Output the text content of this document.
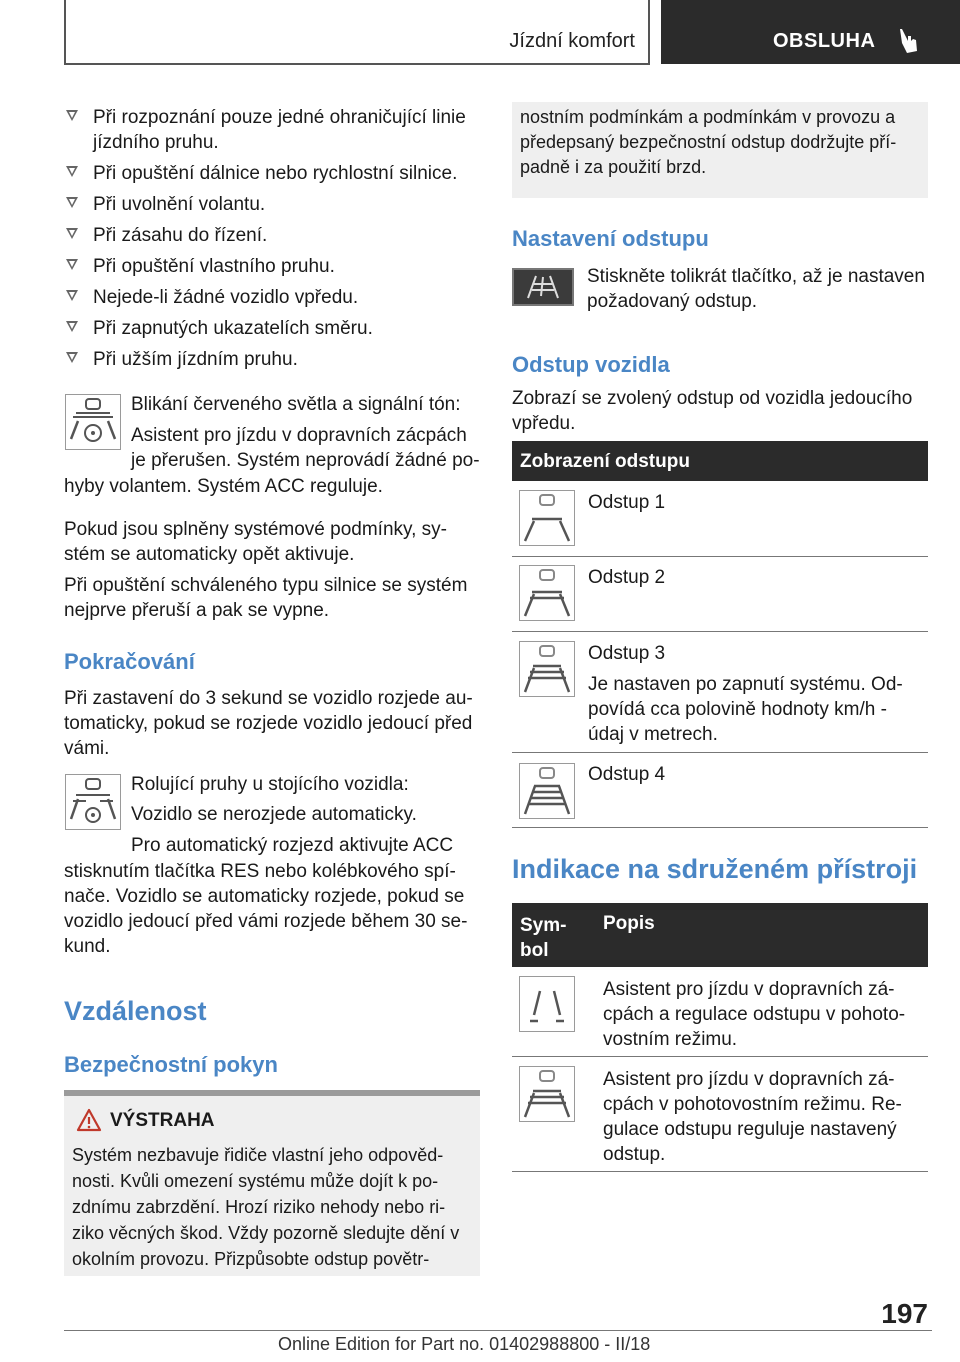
Jízdní komfort	OBSLUHA
Při rozpoznání pouze jedné ohraničující linie jízdního pruhu.
Při opuštění dálnice nebo rychlostní silnice.
Při uvolnění volantu.
Při zásahu do řízení.
Při opuštění vlastního pruhu.
Nejede-li žádné vozidlo vpředu.
Při zapnutých ukazatelích směru.
Při užším jízdním pruhu.

Blikání červeného světla a signální tón:

Asistent pro jízdu v dopravních zácpách

je přerušen. Systém neprovádí žádné po-

hyby volantem. Systém ACC reguluje.

Pokud jsou splněny systémové podmínky, sy-stém se automaticky opět aktivuje.

Při opuštění schváleného typu silnice se systém nejprve přeruší a pak se vypne.

Pokračování

Při zastavení do 3 sekund se vozidlo rozjede au-tomaticky, pokud se rozjede vozidlo jedoucí před vámi.

Rolující pruhy u stojícího vozidla:

Vozidlo se nerozjede automaticky.

Pro automatický rozjezd aktivujte ACC

stisknutím tlačítka RES nebo kolébkového spí-nače. Vozidlo se automaticky rozjede, pokud se vozidlo jedoucí před vámi rozjede během 30 se-kund.

Vzdálenost
Bezpečnostní pokyn
VÝSTRAHA

Systém nezbavuje řidiče vlastní jeho odpověd-nosti. Kvůli omezení systému může dojít k po-zdnímu zabrzdění. Hrozí riziko nehody nebo ri-ziko věcných škod. Vždy pozorně sledujte dění v okolním provozu. Přizpůsobte odstup povětr-

nostním podmínkám a podmínkám v provozu a předepsaný bezpečnostní odstup dodržujte pří-padně i za použití brzd.

Nastavení odstupu

Stiskněte tolikrát tlačítko, až je nastaven požadovaný odstup.

Odstup vozidla

Zobrazí se zvolený odstup od vozidla jedoucího vpředu.

Zobrazení odstupu

Odstup 1

Odstup 2

Odstup 3

Je nastaven po zapnutí systému. Od-povídá cca polovině hodnoty km/h - údaj v metrech.

Odstup 4

Indikace na sdruženém přístroji
Sym-bol
Popis

Asistent pro jízdu v dopravních zá-cpách a regulace odstupu v pohoto-vostním režimu.

Asistent pro jízdu v dopravních zá-cpách v pohotovostním režimu. Re-gulace odstupu reguluje nastavený odstup.

197
Online Edition for Part no. 01402988800 - II/18
